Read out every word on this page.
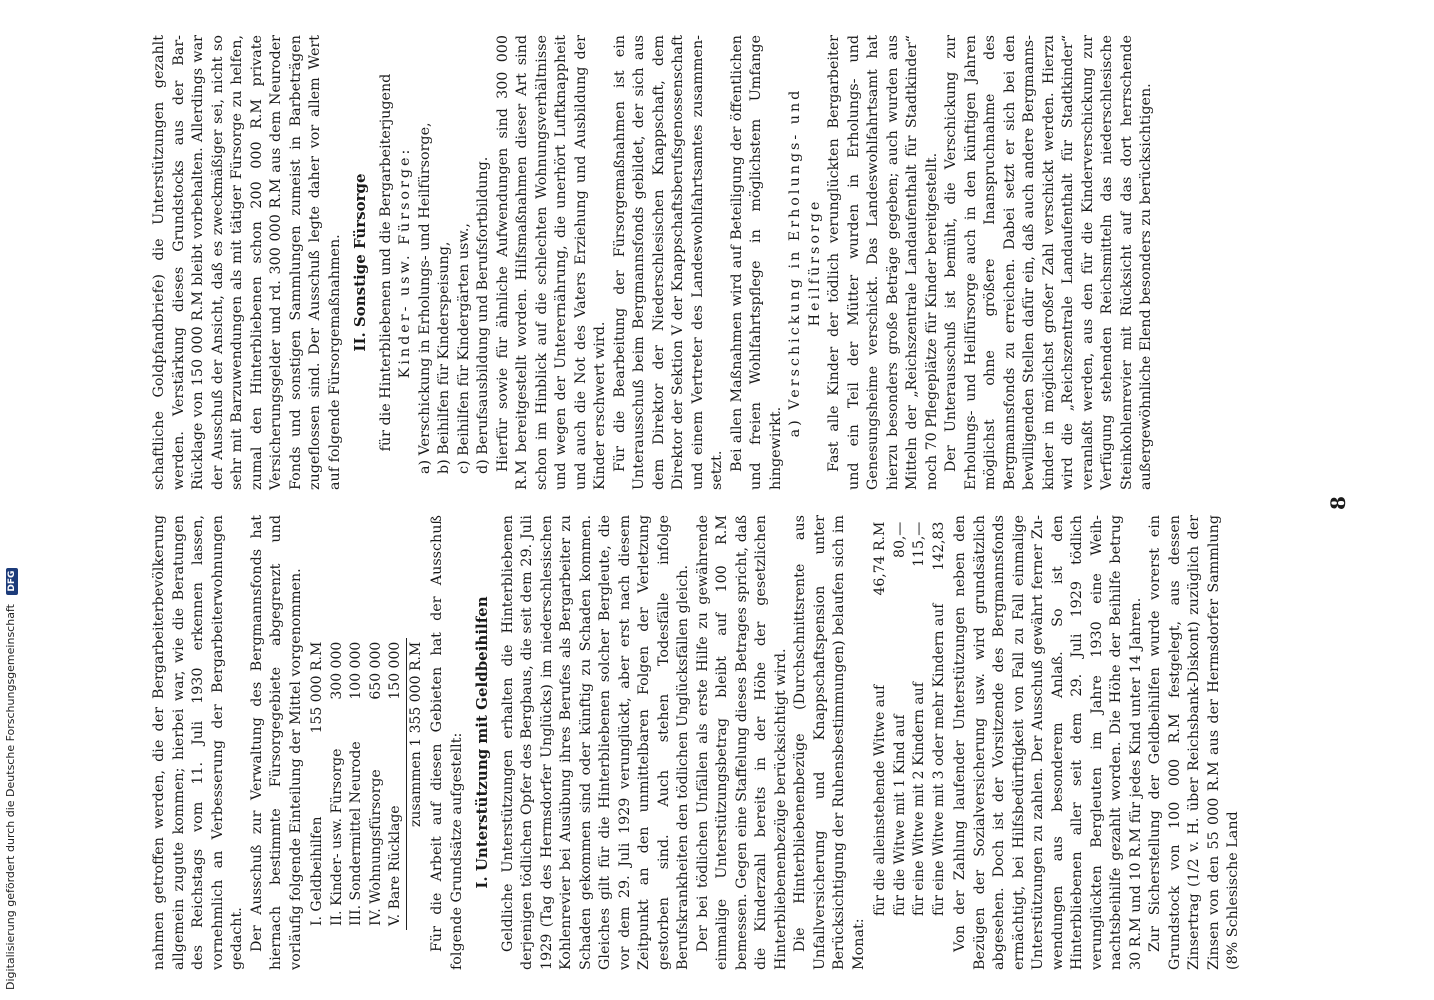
nahmen getroffen werden, die der Bergarbeiterbevölkerung allgemein zugute kommen; hierbei war, wie die Beratungen des Reichstags vom 11. Juli 1930 erkennen lassen, vornehmlich an Verbesserung der Bergarbeiterwohnungen gedacht. Der Ausschuß zur Verwaltung des Bergmannsfonds hat hiernach bestimmte Fürsorgegebiete abgegrenzt und vorläufig folgende Einteilung der Mittel vorgenommen. I. Geldbeihilfen	155 000 R.M
II. Kinder- usw. Fürsorge	300 000
III. Sondermittel Neurode	100 000
IV. Wohnungsfürsorge	650 000
V. Bare Rücklage	150 000
zusammen 1 355 000 R.M	Für die Arbeit auf diesen Gebieten hat der Ausschuß folgende Grundsätze aufgestellt: I. Unterstützung mit Geldbeihilfen Geldliche Unterstützungen erhalten die Hinterbliebenen derjenigen tödlichen Opfer des Bergbaus, die seit dem 29. Juli 1929 (Tag des Hermsdorfer Unglücks) im niederschlesischen Kohlenrevier bei Ausübung ihres Berufes als Bergarbeiter zu Schaden gekommen sind oder künftig zu Schaden kommen. Gleiches gilt für die Hinterbliebenen solcher Bergleute, die vor dem 29. Juli 1929 verunglückt, aber erst nach diesem Zeitpunkt an den unmittelbaren Folgen der Verletzung gestorben sind. Auch stehen Todesfälle infolge Berufskrankheiten den tödlichen Unglücksfällen gleich. Der bei tödlichen Unfällen als erste Hilfe zu gewährende einmalige Unterstützungsbetrag bleibt auf 100 R.M bemessen. Gegen eine Staffelung dieses Betrages spricht, daß die Kinderzahl bereits in der Höhe der gesetzlichen Hinterbliebenenbezüge berücksichtigt wird. Die Hinterbliebenenbezüge (Durchschnittsrente aus Unfallversicherung und Knappschaftspension unter Berücksichtigung der Ruhensbestimmungen) belaufen sich im Monat:

für die alleinstehende Witwe auf	46,74 R.M
für die Witwe mit 1 Kind auf	80,—
für eine Witwe mit 2 Kindern auf	115,—
für eine Witwe mit 3 oder mehr Kindern auf	142,83 Von der Zahlung laufender Unterstützungen neben den Bezügen der Sozialversicherung usw. wird grundsätzlich abgesehen. Doch ist der Vorsitzende des Bergmannsfonds ermächtigt, bei Hilfsbedürftigkeit von Fall zu Fall einmalige Unterstützungen zu zahlen. Der Ausschuß gewährt ferner Zuwendungen aus besonderem Anlaß. So ist den Hinterbliebenen aller seit dem 29. Juli 1929 tödlich verunglückten Bergleuten im Jahre 1930 eine Weihnachtsbeihilfe gezahlt worden. Die Höhe der Beihilfe betrug 30 R.M und 10 R.M für jedes Kind unter 14 Jahren. Zur Sicherstellung der Geldbeihilfen wurde vorerst ein Grundstock von 100 000 R.M festgelegt, aus dessen Zinsertrag (1/2 v. H. über Reichsbank-Diskont) zuzüglich der Zinsen von den 55 000 R.M aus der Hermsdorfer Sammlung (8% Schlesische Land

schaftliche Goldpfandbriefe) die Unterstützungen gezahlt werden. Verstärkung dieses Grundstocks aus der Bar-Rücklage von 150 000 R.M bleibt vorbehalten. Allerdings war der Ausschuß der Ansicht, daß es zweckmäßiger sei, nicht so sehr mit Barzuwendungen als mit tätiger Fürsorge zu helfen, zumal den Hinterbliebenen schon 200 000 R.M private Versicherungsgelder und rd. 300 000 R.M aus dem Neuroder Fonds und sonstigen Sammlungen zumeist in Barbeträgen zugeflossen sind. Der Ausschuß legte daher vor allem Wert auf folgende Fürsorgemaßnahmen. II. Sonstige Fürsorge für die Hinterbliebenen und die Bergarbeiterjugend Kinder- usw. Fürsorge: a) Verschickung in Erholungs- und Heilfürsorge, b) Beihilfen für Kinderspeisung, c) Beihilfen für Kindergärten usw., d) Berufsausbildung und Berufsfortbildung. Hierfür sowie für ähnliche Aufwendungen sind 300 000 R.M bereitgestellt worden. Hilfsmaßnahmen dieser Art sind schon im Hinblick auf die schlechten Wohnungsverhältnisse und wegen der Unterernährung, die unerhört Luftknappheit und auch die Not des Vaters Erziehung und Ausbildung der Kinder erschwert wird. Für die Bearbeitung der Fürsorgemaßnahmen ist ein Unterausschuß beim Bergmannsfonds gebildet, der sich aus dem Direktor der Niederschlesischen Knappschaft, dem Direktor der Sektion V der Knappschaftsberufsgenossenschaft und einem Vertreter des Landeswohlfahrtsamtes zusammensetzt. Bei allen Maßnahmen wird auf Beteiligung der öffentlichen und freien Wohlfahrtspflege in möglichstem Umfange hingewirkt.

a) Verschickung in Erholungs- und Heilfürsorge Fast alle Kinder der tödlich verunglückten Bergarbeiter und ein Teil der Mütter wurden in Erholungs- und Genesungsheime verschickt. Das Landeswohlfahrtsamt hat hierzu besonders große Beträge gegeben; auch wurden aus Mitteln der „Reichszentrale Landaufenthalt für Stadtkinder“ noch 70 Pflegeplätze für Kinder bereitgestellt. Der Unterausschuß ist bemüht, die Verschickung zur Erholungs- und Heilfürsorge auch in den künftigen Jahren möglichst ohne größere Inanspruchnahme des Bergmannsfonds zu erreichen. Dabei setzt er sich bei den bewilligenden Stellen dafür ein, daß auch andere Bergmannskinder in möglichst großer Zahl verschickt werden. Hierzu wird die „Reichszentrale Landaufenthalt für Stadtkinder“ veranlaßt werden, aus den für die Kinderverschickung zur Verfügung stehenden Reichsmitteln das niederschlesische Steinkohlenrevier mit Rücksicht auf das dort herrschende außergewöhnliche Elend besonders zu berücksichtigen.

8
Digitalisierung gefördert durch die Deutsche Forschungsgemeinschaft DFG
